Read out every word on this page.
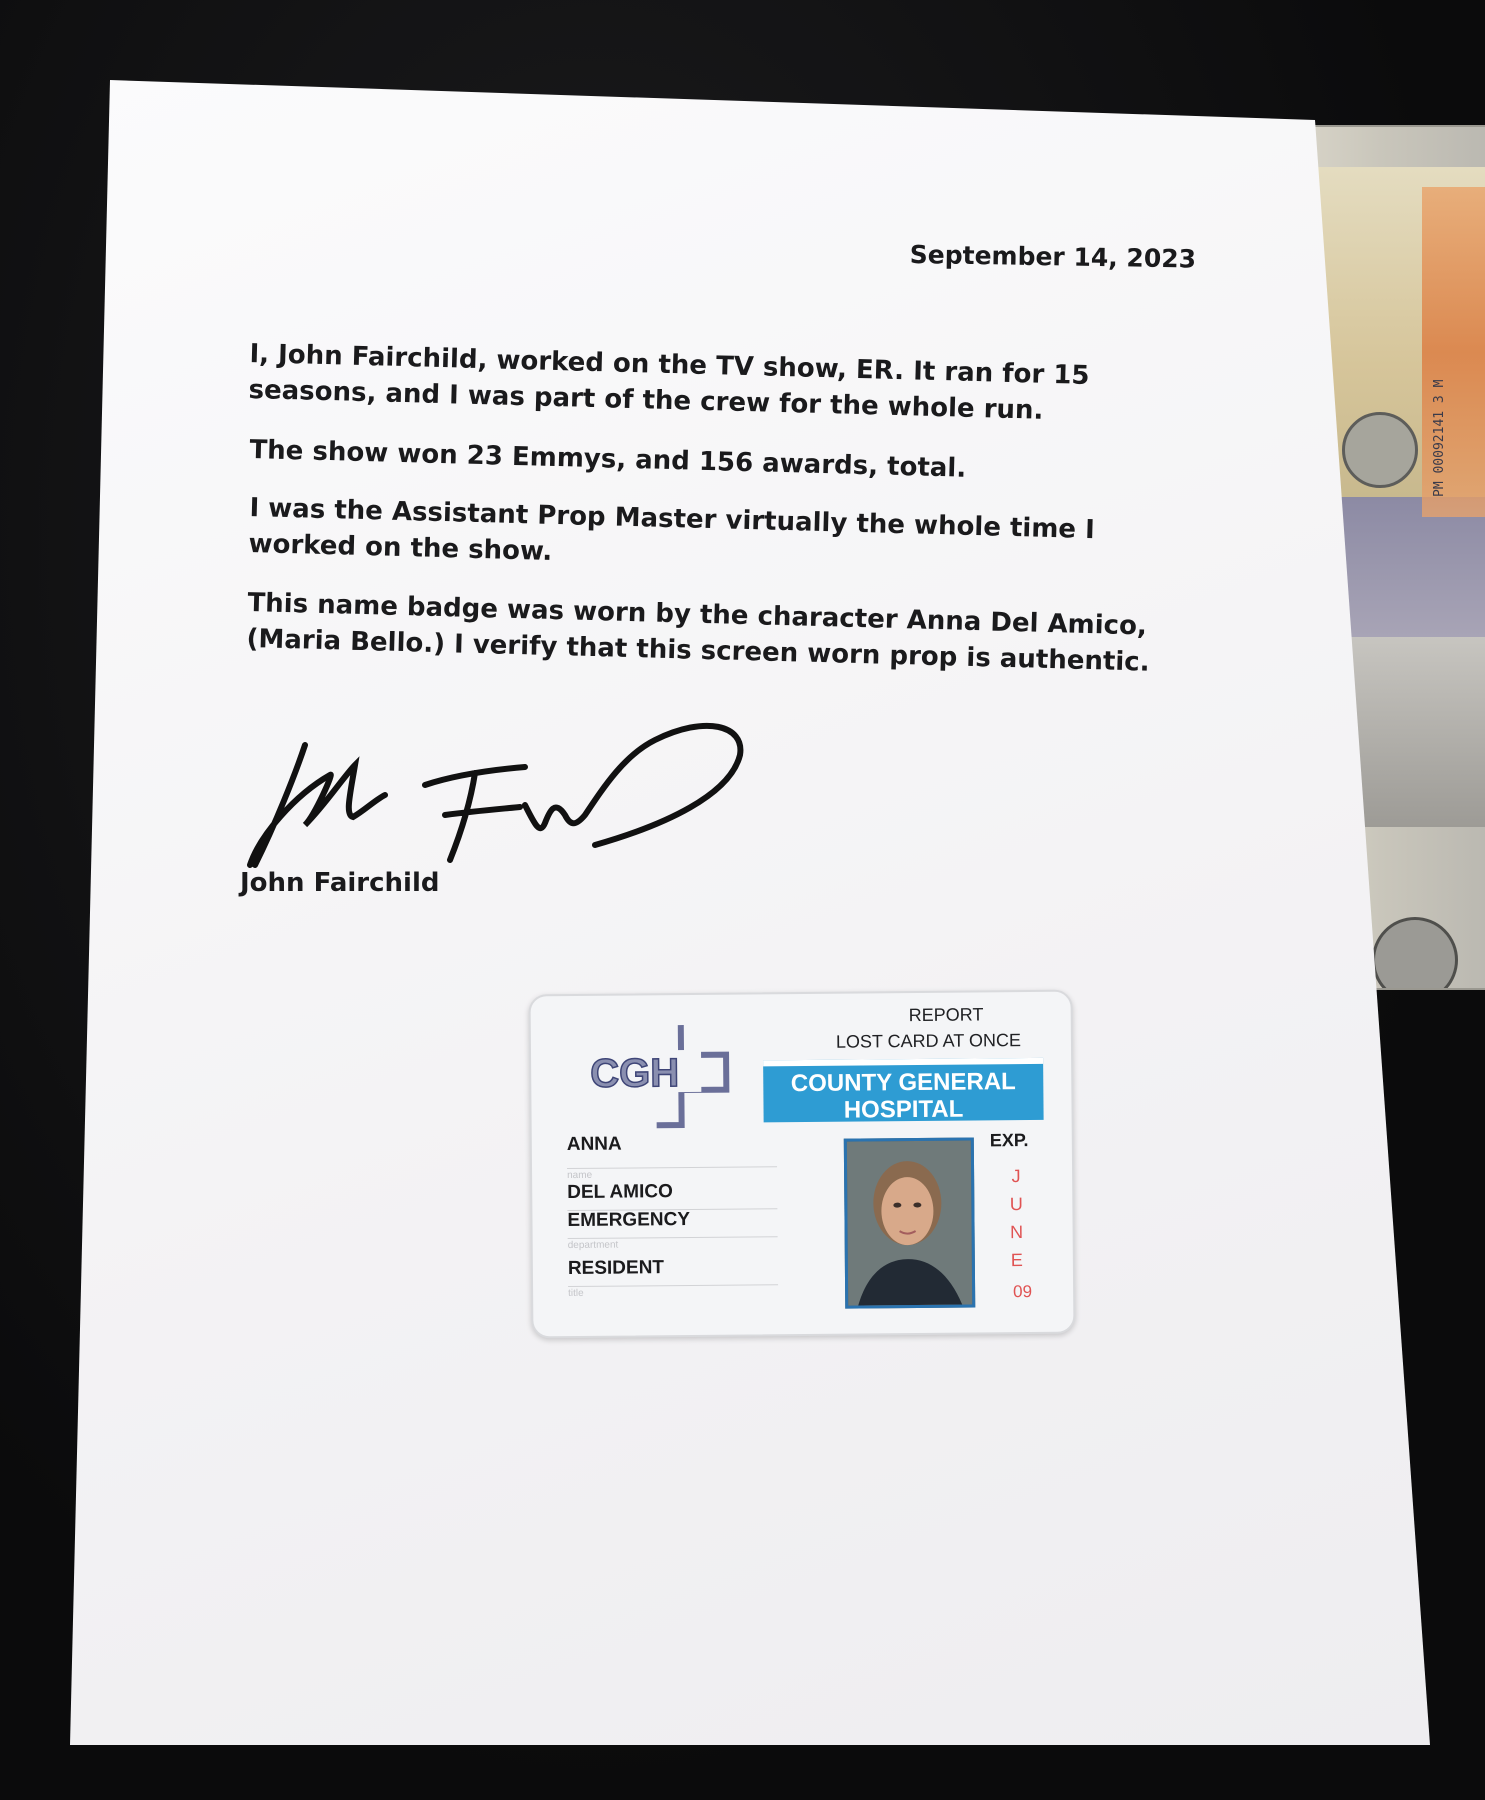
PM 00092141 3 M
September 14, 2023
I, John Fairchild, worked on the TV show, ER. It ran for 15 seasons, and I was part of the crew for the whole run.
The show won 23 Emmys, and 156 awards, total.
I was the Assistant Prop Master virtually the whole time I worked on the show.
This name badge was worn by the character Anna Del Amico, (Maria Bello.) I verify that this screen worn prop is authentic.
John Fairchild
REPORT
LOST CARD AT ONCE
CGH	COUNTY GENERAL
HOSPITAL
EXP.
J
U
N
E
09
ANNA
name
DEL AMICO
EMERGENCY
department
RESIDENT
title
